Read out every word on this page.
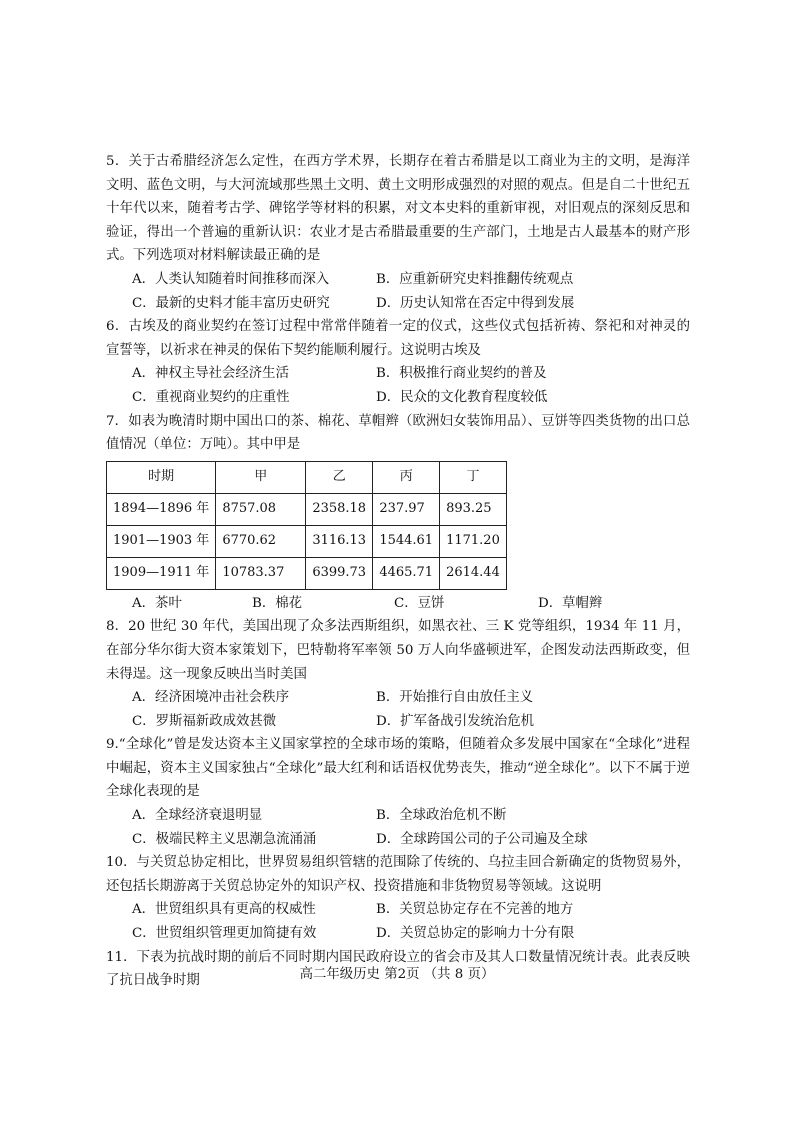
5．关于古希腊经济怎么定性，在西方学术界，长期存在着古希腊是以工商业为主的文明，是海洋文明、蓝色文明，与大河流域那些黑土文明、黄土文明形成强烈的对照的观点。但是自二十世纪五十年代以来，随着考古学、碑铭学等材料的积累，对文本史料的重新审视，对旧观点的深刻反思和验证，得出一个普遍的重新认识：农业才是古希腊最重要的生产部门，土地是古人最基本的财产形式。下列选项对材料解读最正确的是

A．人类认知随着时间推移而深入	B．应重新研究史料推翻传统观点
C．最新的史料才能丰富历史研究	D．历史认知常在否定中得到发展

6．古埃及的商业契约在签订过程中常常伴随着一定的仪式，这些仪式包括祈祷、祭祀和对神灵的宣誓等，以祈求在神灵的保佑下契约能顺利履行。这说明古埃及

A．神权主导社会经济生活	B．积极推行商业契约的普及
C．重视商业契约的庄重性	D．民众的文化教育程度较低

7．如表为晚清时期中国出口的茶、棉花、草帽辫（欧洲妇女装饰用品）、豆饼等四类货物的出口总值情况（单位：万吨）。其中甲是

时期	甲	乙	丙	丁
1894—1896 年	8757.08	2358.18	237.97	893.25
1901—1903 年	6770.62	3116.13	1544.61	1171.20
1909—1911 年	10783.37	6399.73	4465.71	2614.44
A．茶叶	B．棉花	C．豆饼	D．草帽辫

8．20 世纪 30 年代，美国出现了众多法西斯组织，如黑衣社、三 K 党等组织，1934 年 11 月，在部分华尔街大资本家策划下，巴特勒将军率领 50 万人向华盛顿进军，企图发动法西斯政变，但未得逞。这一现象反映出当时美国

A．经济困境冲击社会秩序	B．开始推行自由放任主义
C．罗斯福新政成效甚微	D．扩军备战引发统治危机

9.“全球化”曾是发达资本主义国家掌控的全球市场的策略，但随着众多发展中国家在“全球化”进程中崛起，资本主义国家独占“全球化”最大红利和话语权优势丧失，推动“逆全球化”。以下不属于逆全球化表现的是

A．全球经济衰退明显	B．全球政治危机不断
C．极端民粹主义思潮急流涌涌	D．全球跨国公司的子公司遍及全球

10．与关贸总协定相比，世界贸易组织管辖的范围除了传统的、乌拉圭回合新确定的货物贸易外，还包括长期游离于关贸总协定外的知识产权、投资措施和非货物贸易等领域。这说明

A．世贸组织具有更高的权威性	B．关贸总协定存在不完善的地方
C．世贸组织管理更加简捷有效	D．关贸总协定的影响力十分有限

11．下表为抗战时期的前后不同时期内国民政府设立的省会市及其人口数量情况统计表。此表反映了抗日战争时期	高二年级历史 第2页 （共 8 页）
